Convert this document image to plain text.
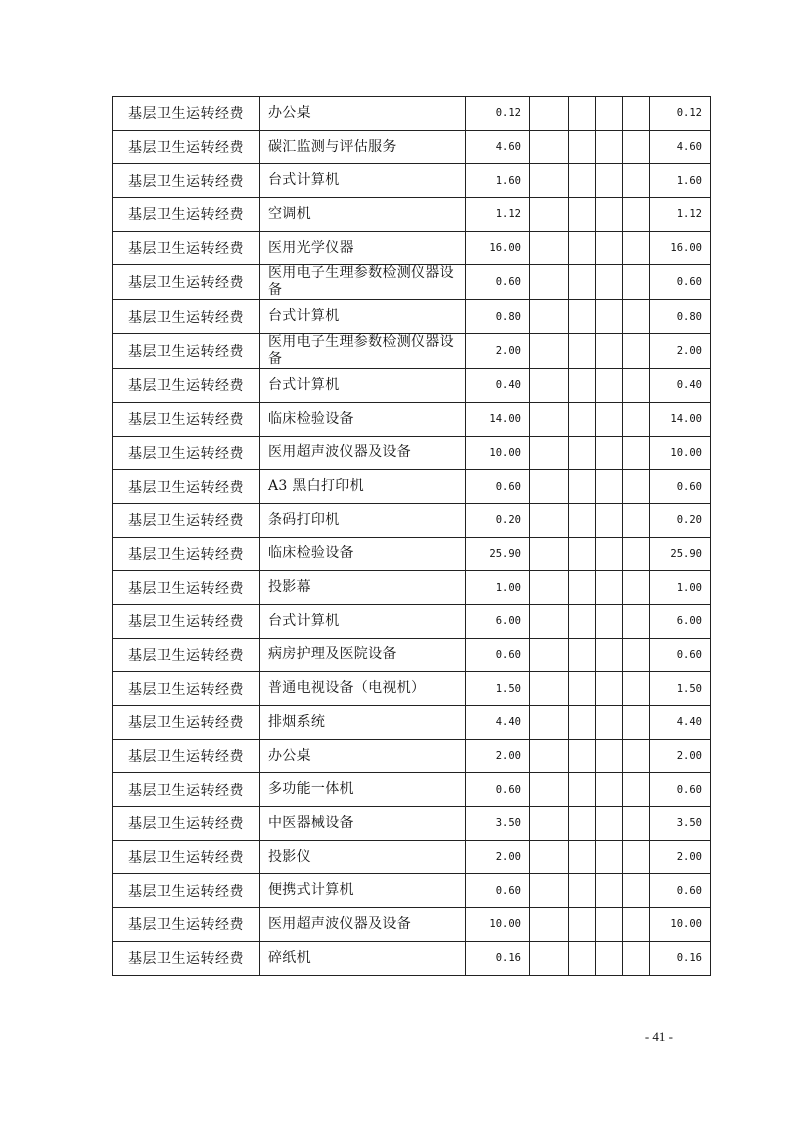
基层卫生运转经费	办公桌	0.12					0.12
基层卫生运转经费	碳汇监测与评估服务	4.60					4.60
基层卫生运转经费	台式计算机	1.60					1.60
基层卫生运转经费	空调机	1.12					1.12
基层卫生运转经费	医用光学仪器	16.00					16.00
基层卫生运转经费	医用电子生理参数检测仪器设备	0.60					0.60
基层卫生运转经费	台式计算机	0.80					0.80
基层卫生运转经费	医用电子生理参数检测仪器设备	2.00					2.00
基层卫生运转经费	台式计算机	0.40					0.40
基层卫生运转经费	临床检验设备	14.00					14.00
基层卫生运转经费	医用超声波仪器及设备	10.00					10.00
基层卫生运转经费	A3 黑白打印机	0.60					0.60
基层卫生运转经费	条码打印机	0.20					0.20
基层卫生运转经费	临床检验设备	25.90					25.90
基层卫生运转经费	投影幕	1.00					1.00
基层卫生运转经费	台式计算机	6.00					6.00
基层卫生运转经费	病房护理及医院设备	0.60					0.60
基层卫生运转经费	普通电视设备（电视机）	1.50					1.50
基层卫生运转经费	排烟系统	4.40					4.40
基层卫生运转经费	办公桌	2.00					2.00
基层卫生运转经费	多功能一体机	0.60					0.60
基层卫生运转经费	中医器械设备	3.50					3.50
基层卫生运转经费	投影仪	2.00					2.00
基层卫生运转经费	便携式计算机	0.60					0.60
基层卫生运转经费	医用超声波仪器及设备	10.00					10.00
基层卫生运转经费	碎纸机	0.16					0.16
- 41 -
